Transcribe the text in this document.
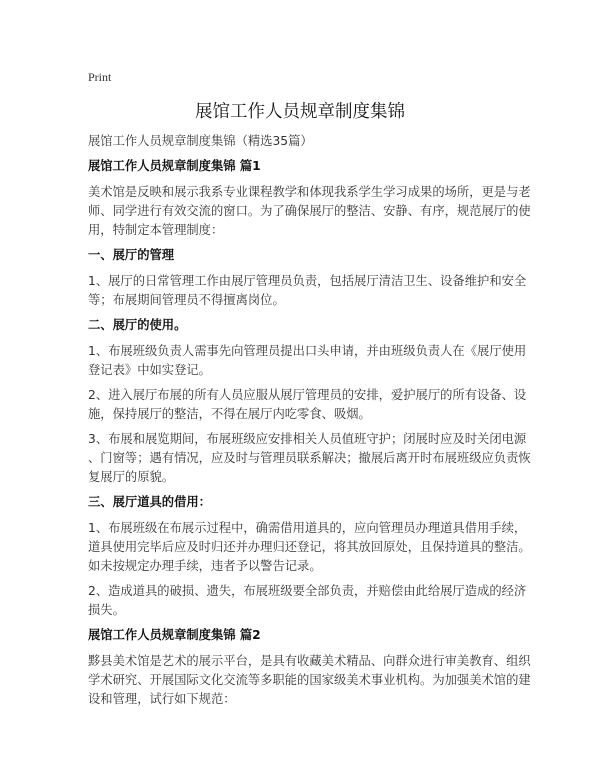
Print
展馆工作人员规章制度集锦
展馆工作人员规章制度集锦（精选35篇）
展馆工作人员规章制度集锦 篇1
美术馆是反映和展示我系专业课程教学和体现我系学生学习成果的场所，更是与老
师、同学进行有效交流的窗口。为了确保展厅的整洁、安静、有序，规范展厅的使
用，特制定本管理制度：
一、展厅的管理
1、展厅的日常管理工作由展厅管理员负责，包括展厅清洁卫生、设备维护和安全
等；布展期间管理员不得擅离岗位。
二、展厅的使用。
1、布展班级负责人需事先向管理员提出口头申请，并由班级负责人在《展厅使用
登记表》中如实登记。
2、进入展厅布展的所有人员应服从展厅管理员的安排，爱护展厅的所有设备、设
施，保持展厅的整洁，不得在展厅内吃零食、吸烟。
3、布展和展览期间，布展班级应安排相关人员值班守护；闭展时应及时关闭电源
、门窗等；遇有情况，应及时与管理员联系解决；撤展后离开时布展班级应负责恢
复展厅的原貌。
三、展厅道具的借用：
1、布展班级在布展示过程中，确需借用道具的，应向管理员办理道具借用手续，
道具使用完毕后应及时归还并办理归还登记，将其放回原处，且保持道具的整洁。
如未按规定办理手续，违者予以警告记录。
2、造成道具的破损、遗失，布展班级要全部负责，并赔偿由此给展厅造成的经济
损失。
展馆工作人员规章制度集锦 篇2
黟县美术馆是艺术的展示平台，是具有收藏美术精品、向群众进行审美教育、组织
学术研究、开展国际文化交流等多职能的国家级美术事业机构。为加强美术馆的建
设和管理，试行如下规范：
